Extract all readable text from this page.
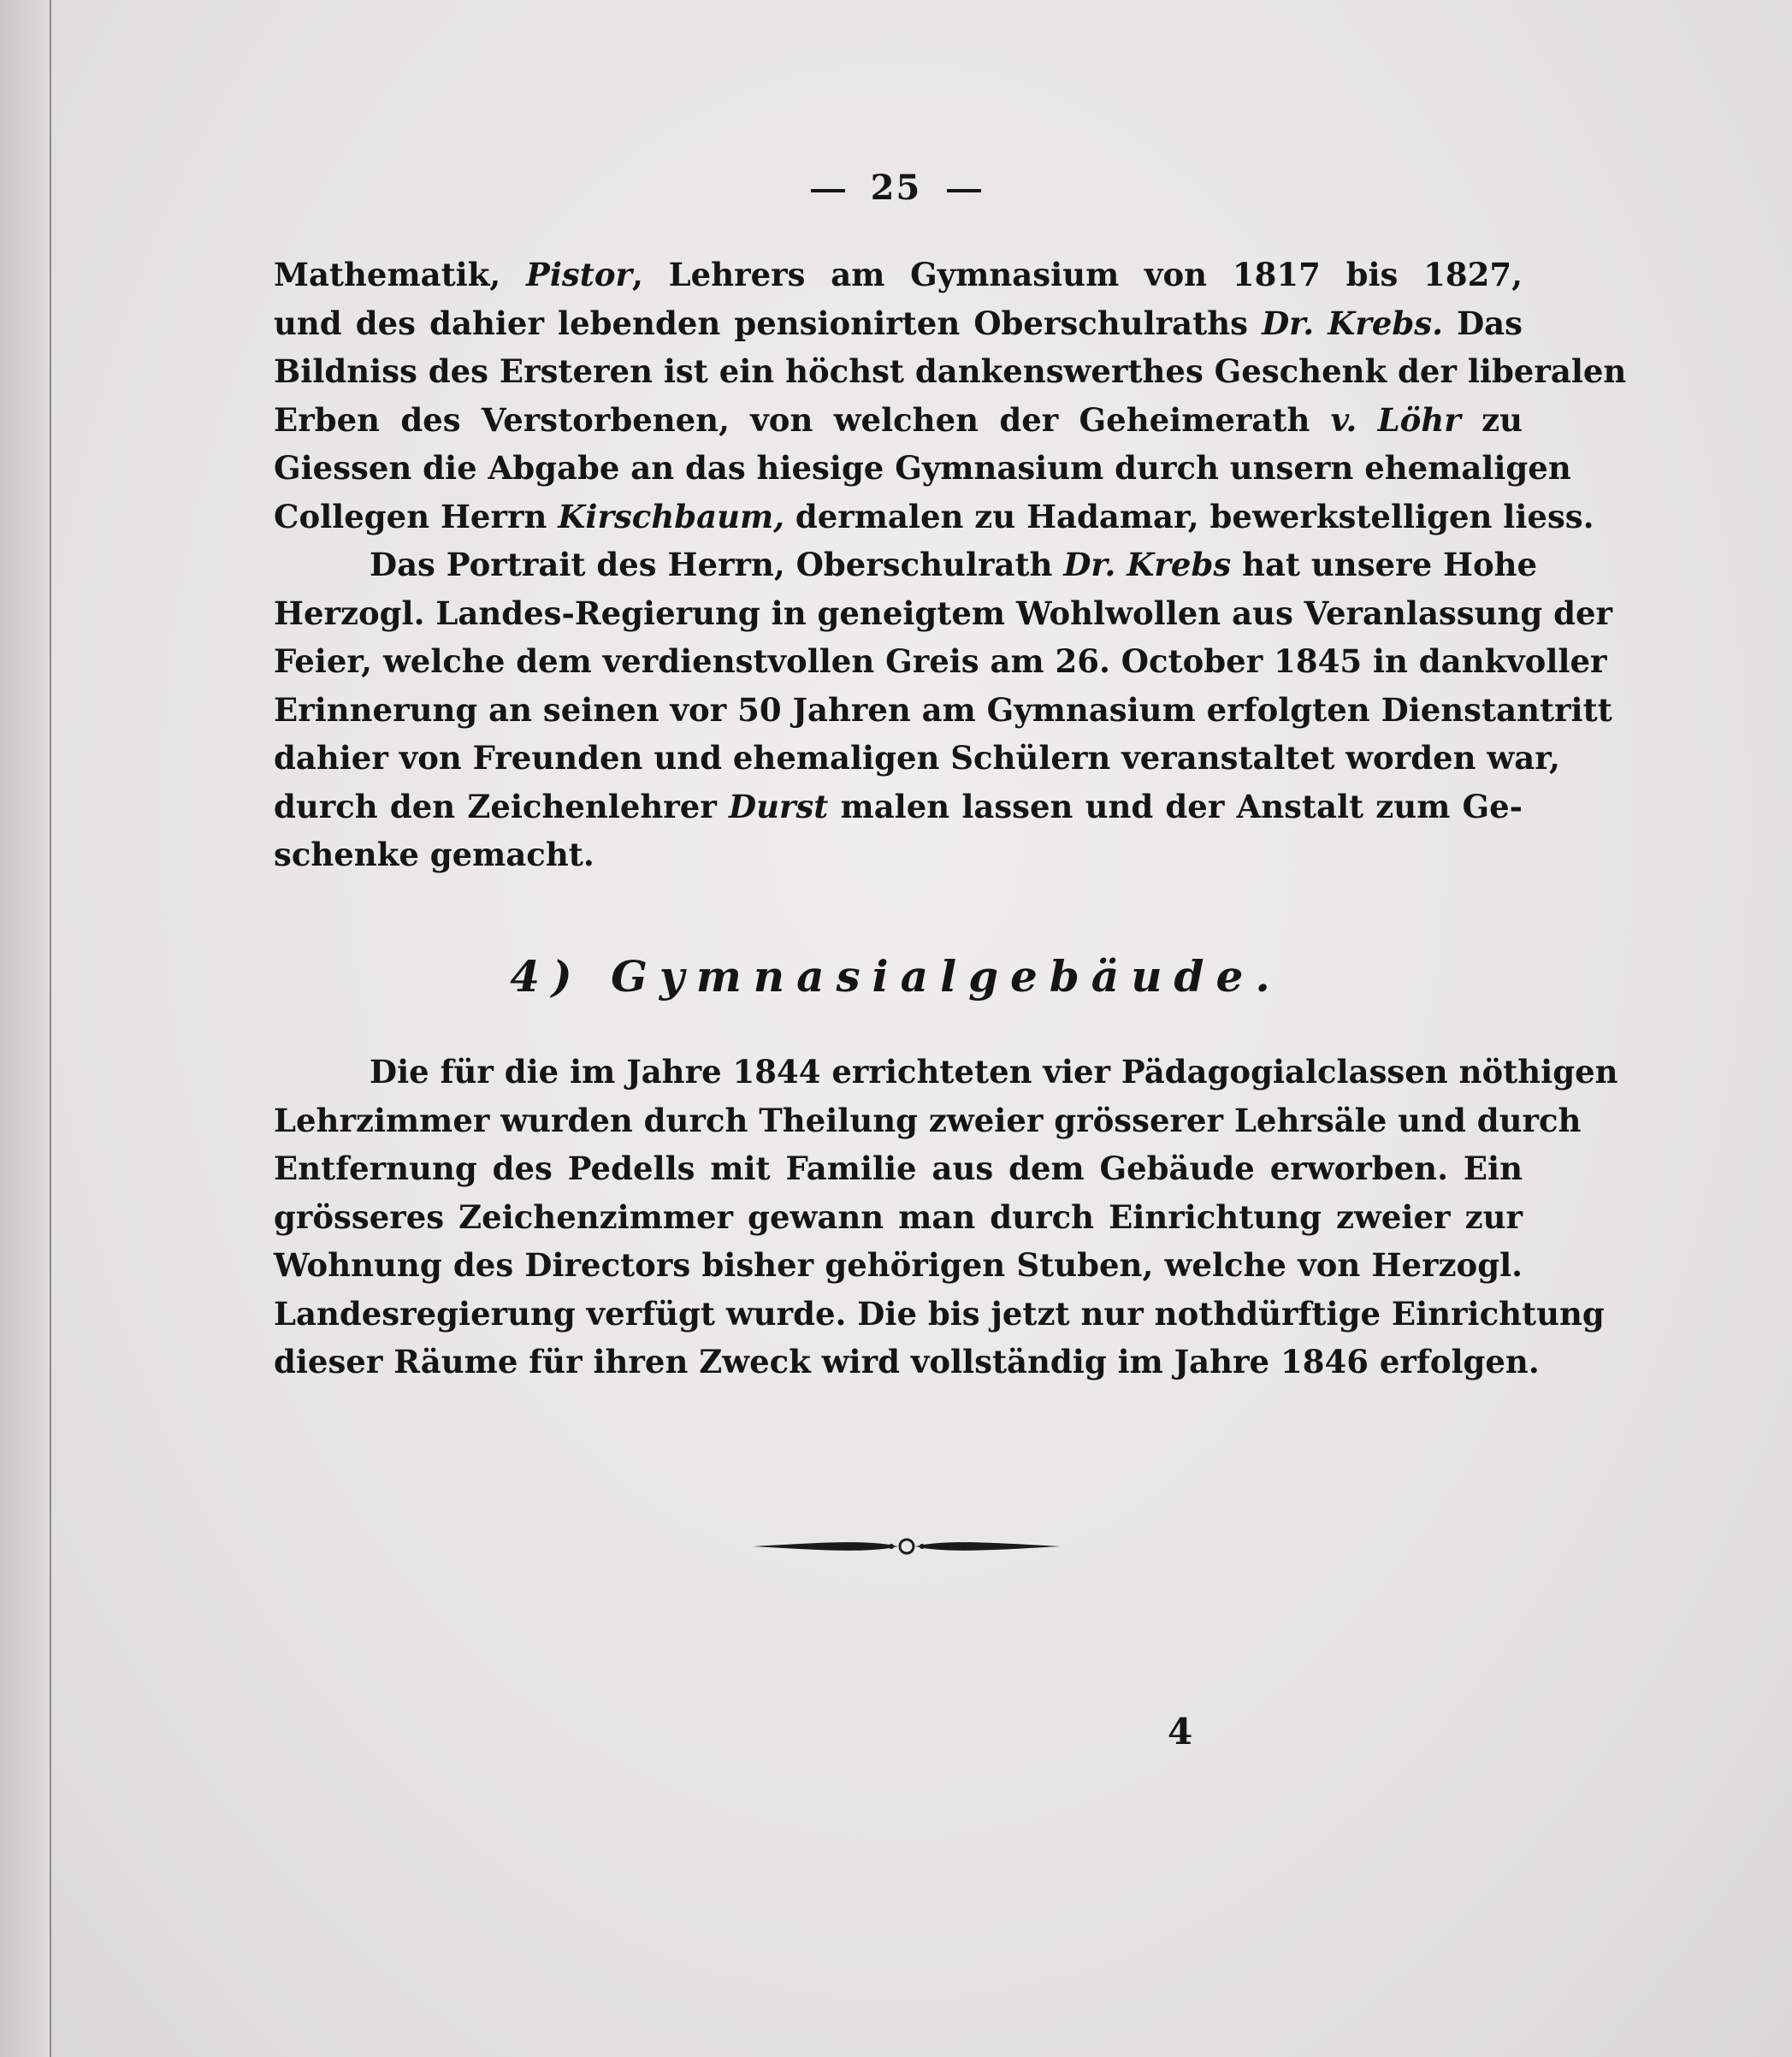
25

Mathematik, Pistor, Lehrers am Gymnasium von 1817 bis 1827,

und des dahier lebenden pensionirten Oberschulraths Dr. Krebs. Das

Bildniss des Ersteren ist ein höchst dankenswerthes Geschenk der liberalen

Erben des Verstorbenen, von welchen der Geheimerath v. Löhr zu

Giessen die Abgabe an das hiesige Gymnasium durch unsern ehemaligen

Collegen Herrn Kirschbaum, dermalen zu Hadamar, bewerkstelligen liess.

Das Portrait des Herrn, Oberschulrath Dr. Krebs hat unsere Hohe

Herzogl. Landes-Regierung in geneigtem Wohlwollen aus Veranlassung der

Feier, welche dem verdienstvollen Greis am 26. October 1845 in dankvoller

Erinnerung an seinen vor 50 Jahren am Gymnasium erfolgten Dienstantritt

dahier von Freunden und ehemaligen Schülern veranstaltet worden war,

durch den Zeichenlehrer Durst malen lassen und der Anstalt zum Ge-

schenke gemacht.

4) Gymnasialgebäude.

Die für die im Jahre 1844 errichteten vier Pädagogialclassen nöthigen

Lehrzimmer wurden durch Theilung zweier grösserer Lehrsäle und durch

Entfernung des Pedells mit Familie aus dem Gebäude erworben. Ein

grösseres Zeichenzimmer gewann man durch Einrichtung zweier zur

Wohnung des Directors bisher gehörigen Stuben, welche von Herzogl.

Landesregierung verfügt wurde. Die bis jetzt nur nothdürftige Einrichtung

dieser Räume für ihren Zweck wird vollständig im Jahre 1846 erfolgen.

4
